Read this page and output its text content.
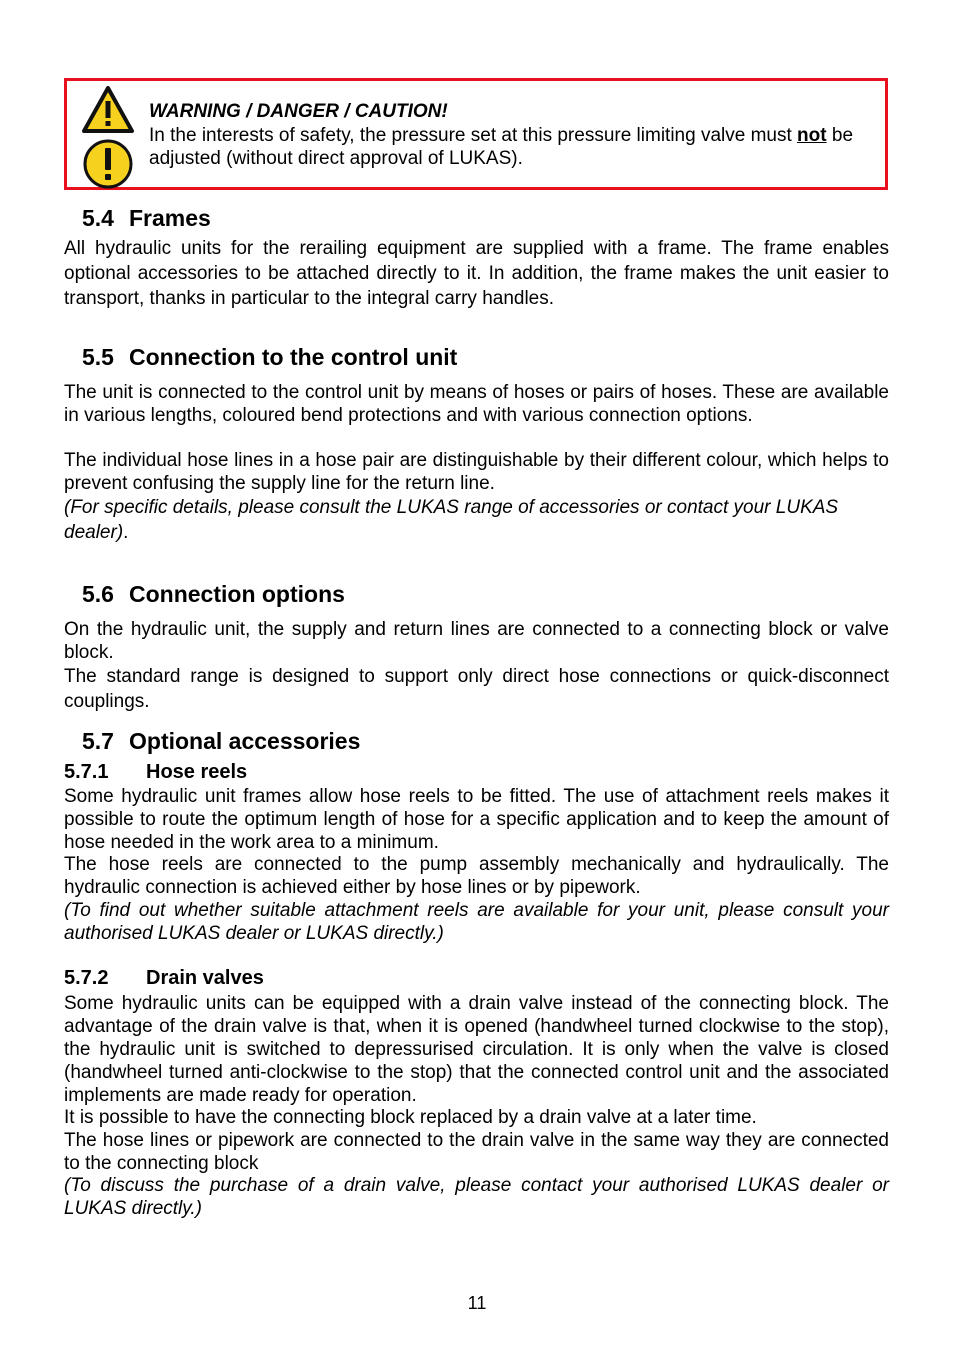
WARNING / DANGER / CAUTION!
In the interests of safety, the pressure set at this pressure limiting valve must not be adjusted (without direct approval of LUKAS).
5.4 Frames
All hydraulic units for the rerailing equipment are supplied with a frame. The frame enables optional accessories to be attached directly to it. In addition, the frame makes the unit easier to transport, thanks in particular to the integral carry handles.
5.5 Connection to the control unit
The unit is connected to the control unit by means of hoses or pairs of hoses. These are available in various lengths, coloured bend protections and with various connection options.
The individual hose lines in a hose pair are distinguishable by their different colour, which helps to prevent confusing the supply line for the return line.
(For specific details, please consult the LUKAS range of accessories or contact your LUKAS dealer).
5.6 Connection options
On the hydraulic unit, the supply and return lines are connected to a connecting block or valve block.
The standard range is designed to support only direct hose connections or quick-disconnect couplings.
5.7 Optional accessories
5.7.1 Hose reels
Some hydraulic unit frames allow hose reels to be fitted. The use of attachment reels makes it possible to route the optimum length of hose for a specific application and to keep the amount of hose needed in the work area to a minimum.
The hose reels are connected to the pump assembly mechanically and hydraulically. The hydraulic connection is achieved either by hose lines or by pipework.
(To find out whether suitable attachment reels are available for your unit, please consult your authorised LUKAS dealer or LUKAS directly.)
5.7.2 Drain valves
Some hydraulic units can be equipped with a drain valve instead of the connecting block. The advantage of the drain valve is that, when it is opened (handwheel turned clockwise to the stop), the hydraulic unit is switched to depressurised circulation. It is only when the valve is closed (handwheel turned anti-clockwise to the stop) that the connected control unit and the associated implements are made ready for operation.
It is possible to have the connecting block replaced by a drain valve at a later time.
The hose lines or pipework are connected to the drain valve in the same way they are connected to the connecting block
(To discuss the purchase of a drain valve, please contact your authorised LUKAS dealer or LUKAS directly.)
11
